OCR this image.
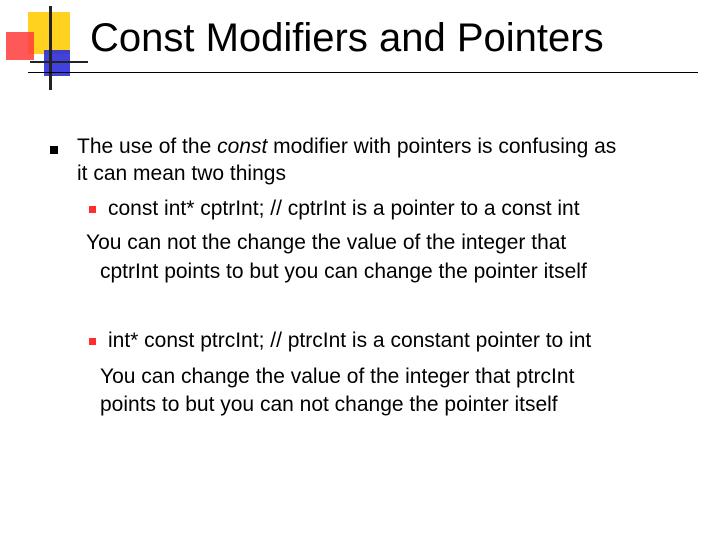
Const Modifiers and Pointers
The use of the const modifier with pointers is confusing as
it can mean two things
const int* cptrInt; // cptrInt is a pointer to a const int
You can not the change the value of the integer that
cptrInt points to but you can change the pointer itself
int* const ptrcInt; // ptrcInt is a constant pointer to int
You can change the value of the integer that ptrcInt
points to but you can not change the pointer itself
